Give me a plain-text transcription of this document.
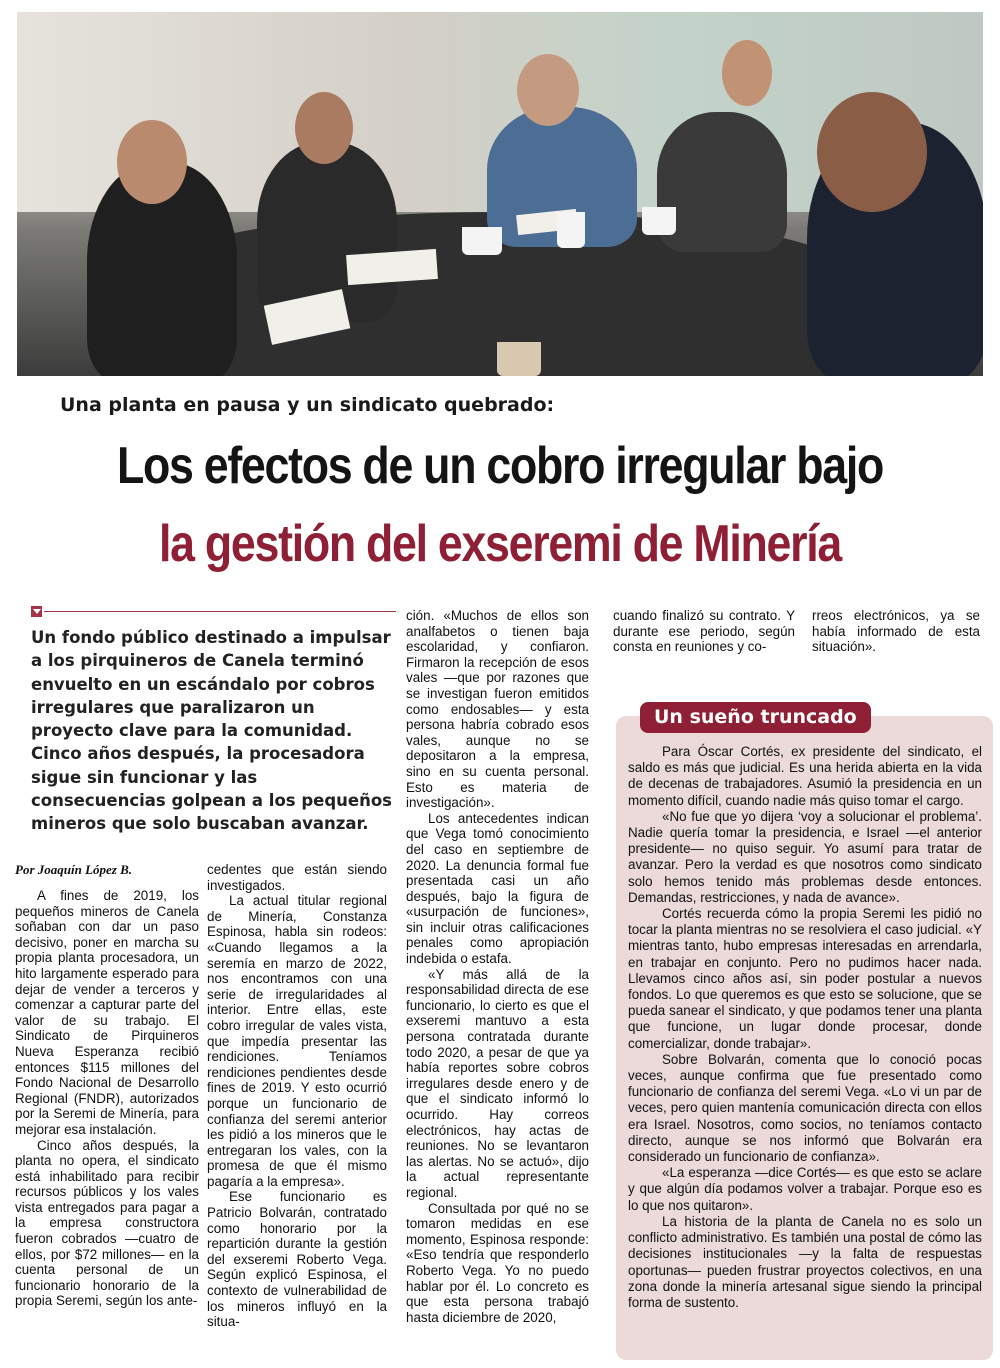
Una planta en pausa y un sindicato quebrado:
Los efectos de un cobro irregular bajo
la gestión del exseremi de Minería

Un fondo público destinado a impulsar a los pirquineros de Canela terminó envuelto en un escándalo por cobros irregulares que paralizaron un proyecto clave para la comunidad. Cinco años después, la procesadora sigue sin funcionar y las consecuencias golpean a los pequeños mineros que solo buscaban avanzar.

Por Joaquín López B.

A fines de 2019, los pequeños mineros de Canela soñaban con dar un paso decisivo, poner en marcha su propia planta procesadora, un hito largamente esperado para dejar de vender a terceros y comenzar a capturar parte del valor de su trabajo. El Sindicato de Pirquineros Nueva Esperanza recibió entonces $115 millones del Fondo Nacional de Desarrollo Regional (FNDR), autorizados por la Seremi de Minería, para mejorar esa instalación.

Cinco años después, la planta no opera, el sindicato está inhabilitado para recibir recursos públicos y los vales vista entregados para pagar a la empresa constructora fueron cobrados —cuatro de ellos, por $72 millones— en la cuenta personal de un funcionario honorario de la propia Seremi, según los ante-

cedentes que están siendo investigados.

La actual titular regional de Minería, Constanza Espinosa, habla sin rodeos: «Cuando llegamos a la seremía en marzo de 2022, nos encontramos con una serie de irregularidades al interior. Entre ellas, este cobro irregular de vales vista, que impedía presentar las rendiciones. Teníamos rendiciones pendientes desde fines de 2019. Y esto ocurrió porque un funcionario de confianza del seremi anterior les pidió a los mineros que le entregaran los vales, con la promesa de que él mismo pagaría a la empresa».

Ese funcionario es Patricio Bolvarán, contratado como honorario por la repartición durante la gestión del exseremi Roberto Vega. Según explicó Espinosa, el contexto de vulnerabilidad de los mineros influyó en la situa-

ción. «Muchos de ellos son analfabetos o tienen baja escolaridad, y confiaron. Firmaron la recepción de esos vales —que por razones que se investigan fueron emitidos como endosables— y esta persona habría cobrado esos vales, aunque no se depositaron a la empresa, sino en su cuenta personal. Esto es materia de investigación».

Los antecedentes indican que Vega tomó conocimiento del caso en septiembre de 2020. La denuncia formal fue presentada casi un año después, bajo la figura de «usurpación de funciones», sin incluir otras calificaciones penales como apropiación indebida o estafa.

«Y más allá de la responsabilidad directa de ese funcionario, lo cierto es que el exseremi mantuvo a esta persona contratada durante todo 2020, a pesar de que ya había reportes sobre cobros irregulares desde enero y de que el sindicato informó lo ocurrido. Hay correos electrónicos, hay actas de reuniones. No se levantaron las alertas. No se actuó», dijo la actual representante regional.

Consultada por qué no se tomaron medidas en ese momento, Espinosa responde: «Eso tendría que responderlo Roberto Vega. Yo no puedo hablar por él. Lo concreto es que esta persona trabajó hasta diciembre de 2020,

cuando finalizó su contrato. Y durante ese periodo, según consta en reuniones y co-

rreos electrónicos, ya se había informado de esta situación».

Un sueño truncado

Para Óscar Cortés, ex presidente del sindicato, el saldo es más que judicial. Es una herida abierta en la vida de decenas de trabajadores. Asumió la presidencia en un momento difícil, cuando nadie más quiso tomar el cargo.

«No fue que yo dijera ‘voy a solucionar el problema’. Nadie quería tomar la presidencia, e Israel —el anterior presidente— no quiso seguir. Yo asumí para tratar de avanzar. Pero la verdad es que nosotros como sindicato solo hemos tenido más problemas desde entonces. Demandas, restricciones, y nada de avance».

Cortés recuerda cómo la propia Seremi les pidió no tocar la planta mientras no se resolviera el caso judicial. «Y mientras tanto, hubo empresas interesadas en arrendarla, en trabajar en conjunto. Pero no pudimos hacer nada. Llevamos cinco años así, sin poder postular a nuevos fondos. Lo que queremos es que esto se solucione, que se pueda sanear el sindicato, y que podamos tener una planta que funcione, un lugar donde procesar, donde comercializar, donde trabajar».

Sobre Bolvarán, comenta que lo conoció pocas veces, aunque confirma que fue presentado como funcionario de confianza del seremi Vega. «Lo vi un par de veces, pero quien mantenía comunicación directa con ellos era Israel. Nosotros, como socios, no teníamos contacto directo, aunque se nos informó que Bolvarán era considerado un funcionario de confianza».

«La esperanza —dice Cortés— es que esto se aclare y que algún día podamos volver a trabajar. Porque eso es lo que nos quitaron».

La historia de la planta de Canela no es solo un conflicto administrativo. Es también una postal de cómo las decisiones institucionales —y la falta de respuestas oportunas— pueden frustrar proyectos colectivos, en una zona donde la minería artesanal sigue siendo la principal forma de sustento.
